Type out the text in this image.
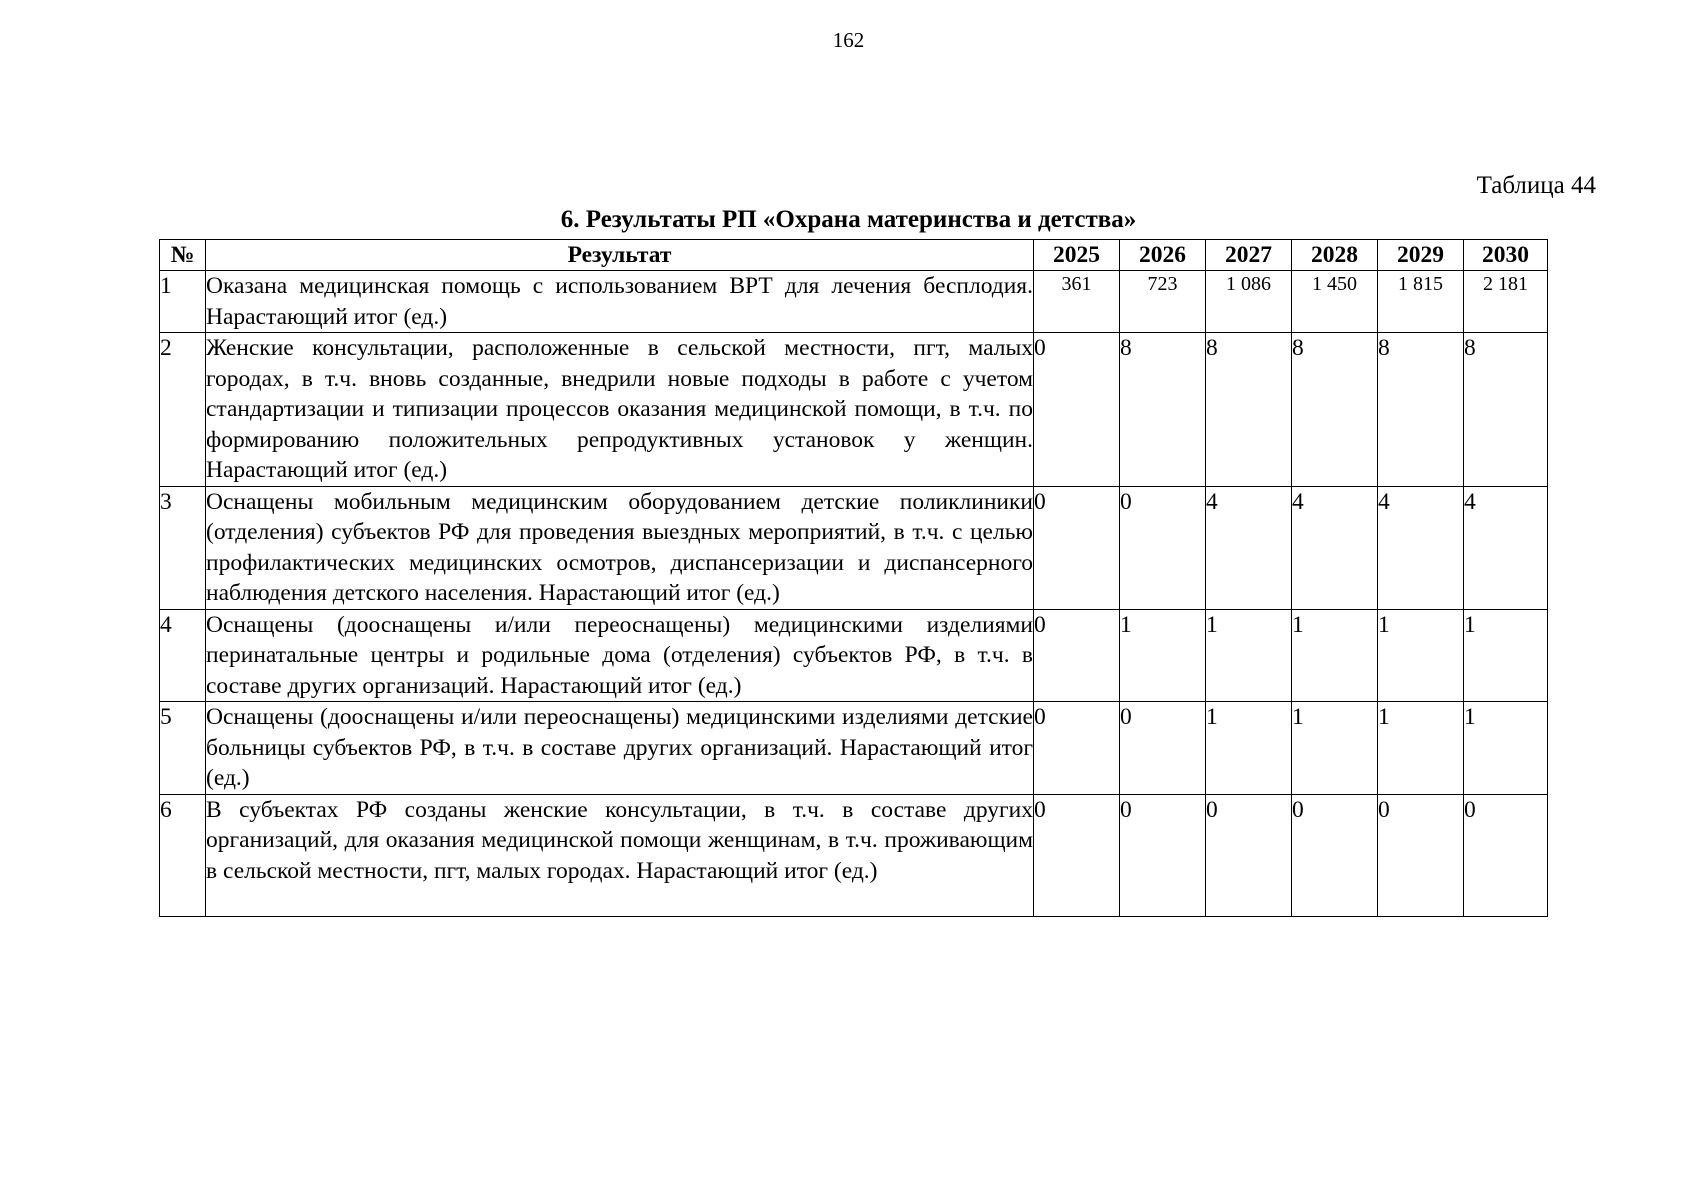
162
Таблица 44
6. Результаты РП «Охрана материнства и детства»
№	Результат	2025	2026	2027	2028	2029	2030
1	Оказана медицинская помощь с использованием ВРТ для лечения бесплодия. Нарастающий итог (ед.)	361	723	1 086	1 450	1 815	2 181
2	Женские консультации, расположенные в сельской местности, пгт, малых городах, в т.ч. вновь созданные, внедрили новые подходы в работе с учетом стандартизации и типизации процессов оказания медицинской помощи, в т.ч. по формированию положительных репродуктивных установок у женщин. Нарастающий итог (ед.)	0	8	8	8	8	8
3	Оснащены мобильным медицинским оборудованием детские поликлиники (отделения) субъектов РФ для проведения выездных мероприятий, в т.ч. с целью профилактических медицинских осмотров, диспансеризации и диспансерного наблюдения детского населения. Нарастающий итог (ед.)	0	0	4	4	4	4
4	Оснащены (дооснащены и/или переоснащены) медицинскими изделиями перинатальные центры и родильные дома (отделения) субъектов РФ, в т.ч. в составе других организаций. Нарастающий итог (ед.)	0	1	1	1	1	1
5	Оснащены (дооснащены и/или переоснащены) медицинскими изделиями детские больницы субъектов РФ, в т.ч. в составе других организаций. Нарастающий итог (ед.)	0	0	1	1	1	1
6	В субъектах РФ созданы женские консультации, в т.ч. в составе других организаций, для оказания медицинской помощи женщинам, в т.ч. проживающим в сельской местности, пгт, малых городах. Нарастающий итог (ед.)	0	0	0	0	0	0
